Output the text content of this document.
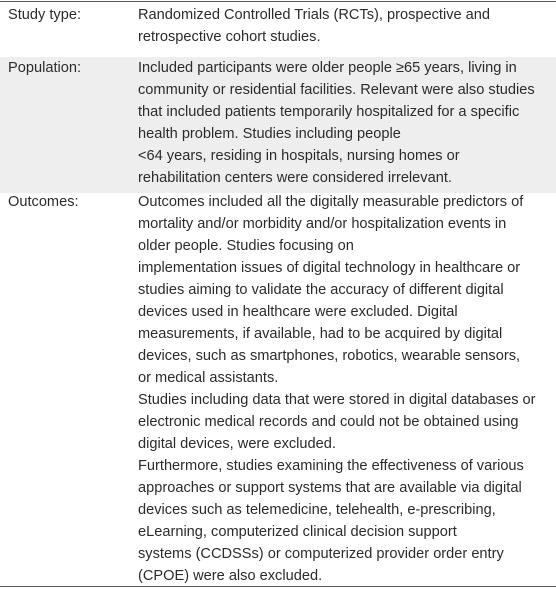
Study type:	Randomized Controlled Trials (RCTs), prospective and
retrospective cohort studies.
Population:	Included participants were older people ≥65 years, living in
community or residential facilities. Relevant were also studies
that included patients temporarily hospitalized for a specific
health problem. Studies including people
<64 years, residing in hospitals, nursing homes or
rehabilitation centers were considered irrelevant.
Outcomes:	Outcomes included all the digitally measurable predictors of
mortality and/or morbidity and/or hospitalization events in
older people. Studies focusing on
implementation issues of digital technology in healthcare or
studies aiming to validate the accuracy of different digital
devices used in healthcare were excluded. Digital
measurements, if available, had to be acquired by digital
devices, such as smartphones, robotics, wearable sensors,
or medical assistants.
Studies including data that were stored in digital databases or
electronic medical records and could not be obtained using
digital devices, were excluded.
Furthermore, studies examining the effectiveness of various
approaches or support systems that are available via digital
devices such as telemedicine, telehealth, e-prescribing,
eLearning, computerized clinical decision support
systems (CCDSSs) or computerized provider order entry
(CPOE) were also excluded.
